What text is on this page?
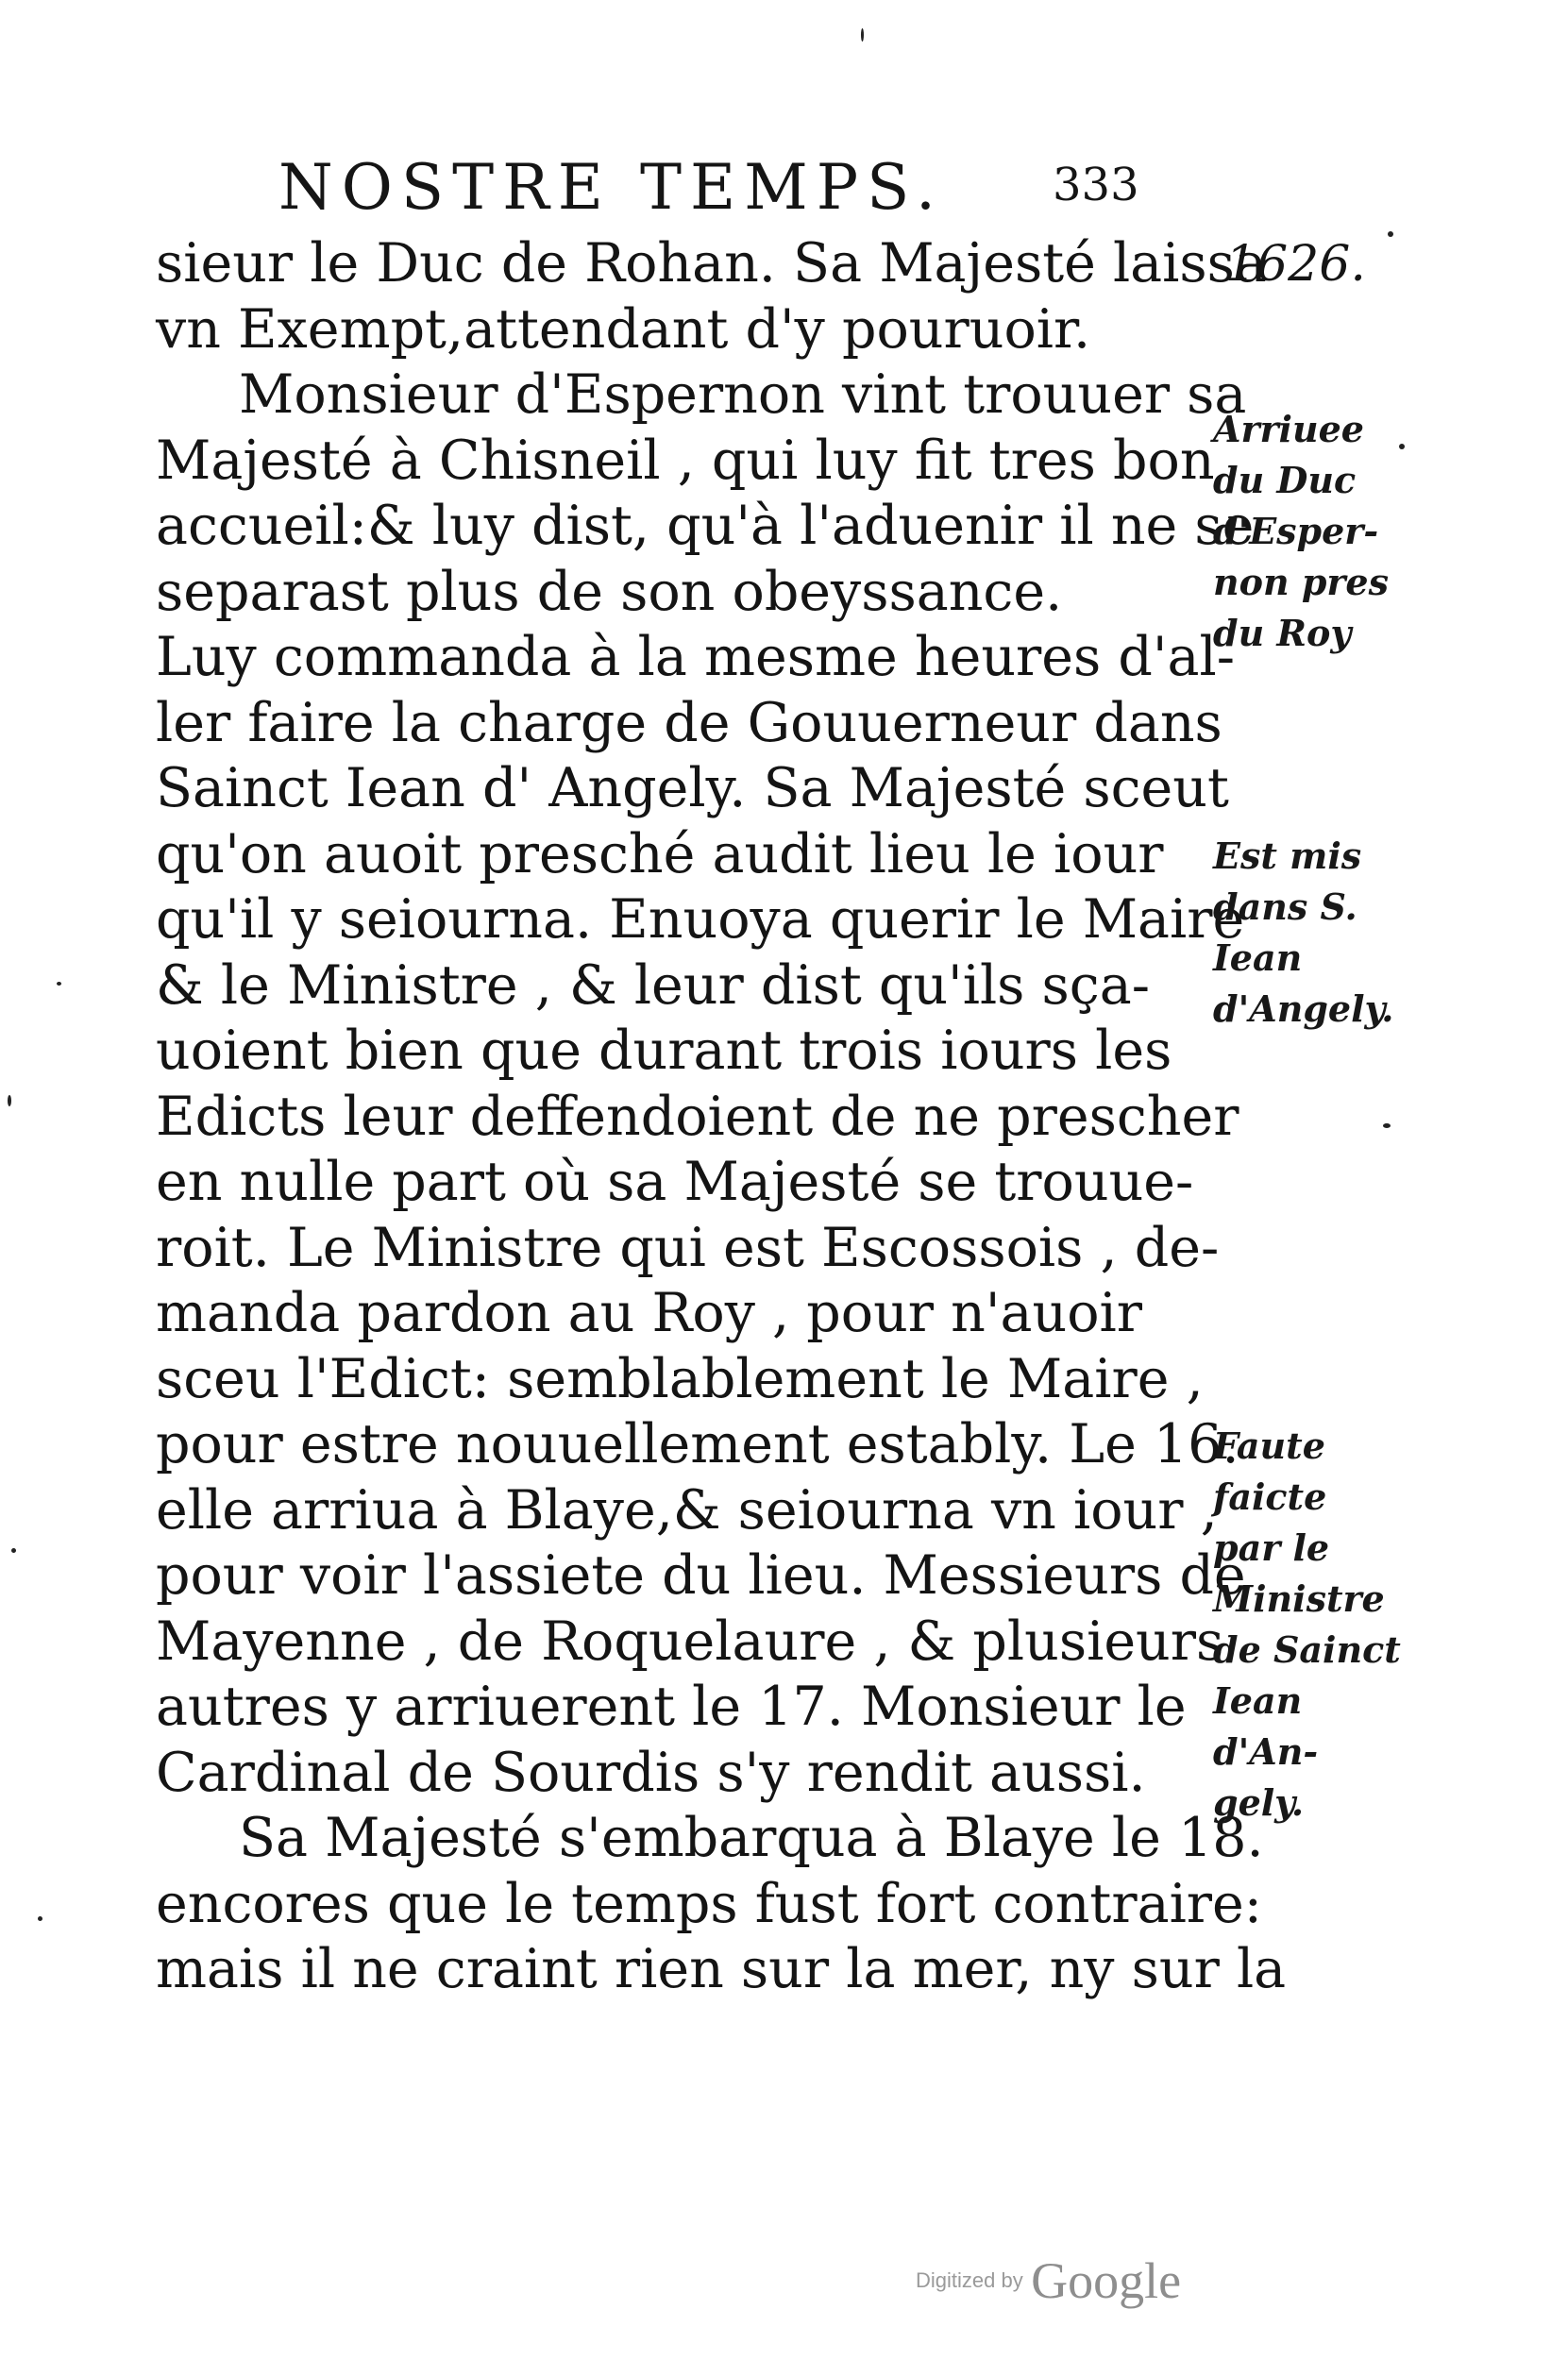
NOSTRE TEMPS. 333
1626.
sieur le Duc de Rohan. Sa Majesté laissa
vn Exempt,attendant d'y pouruoir.
Monsieur d'Espernon vint trouuer sa
Majesté à Chisneil , qui luy fit tres bon
accueil:& luy dist, qu'à l'aduenir il ne se
separast plus de son obeyssance.
Luy commanda à la mesme heures d'al-
ler faire la charge de Gouuerneur dans
Sainct Iean d' Angely. Sa Majesté sceut
qu'on auoit presché audit lieu le iour
qu'il y seiourna. Enuoya querir le Maire
& le Ministre , & leur dist qu'ils sça-
uoient bien que durant trois iours les
Edicts leur deffendoient de ne prescher
en nulle part où sa Majesté se trouue-
roit. Le Ministre qui est Escossois , de-
manda pardon au Roy , pour n'auoir
sceu l'Edict: semblablement le Maire ,
pour estre nouuellement estably. Le 16.
elle arriua à Blaye,& seiourna vn iour ,
pour voir l'assiete du lieu. Messieurs de
Mayenne , de Roquelaure , & plusieurs
autres y arriuerent le 17. Monsieur le
Cardinal de Sourdis s'y rendit aussi.
Sa Majesté s'embarqua à Blaye le 18.
encores que le temps fust fort contraire:
mais il ne craint rien sur la mer, ny sur la
Arriuee
du Duc
d'Esper-
non pres
du Roy
Est mis
dans S.
Iean
d'Angely.
Faute
faicte
par le
Ministre
de Sainct
Iean
d'An-
gely.
Digitized by Google
